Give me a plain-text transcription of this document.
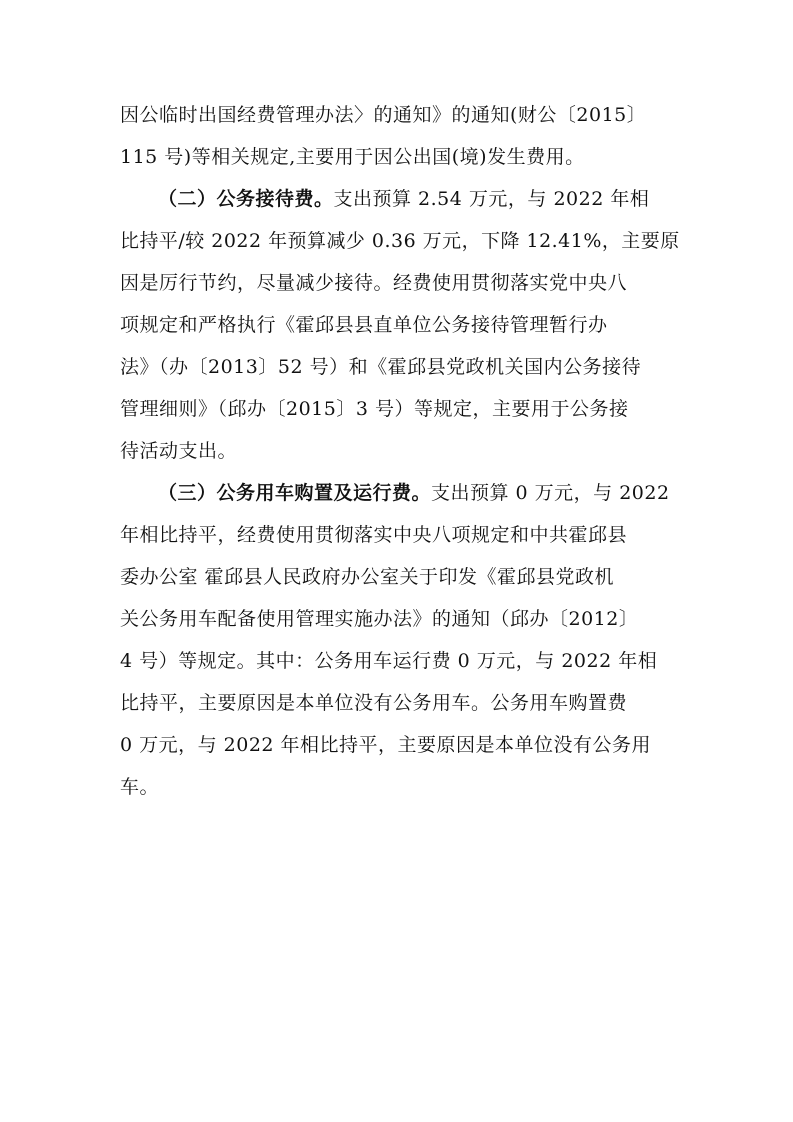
因公临时出国经费管理办法〉的通知》的通知(财公〔2015〕
115 号)等相关规定,主要用于因公出国(境)发生费用。
（二）公务接待费。支出预算 2.54 万元，与 2022 年相
比持平/较 2022 年预算减少 0.36 万元，下降 12.41%，主要原
因是厉行节约，尽量减少接待。经费使用贯彻落实党中央八
项规定和严格执行《霍邱县县直单位公务接待管理暂行办
法》（办〔2013〕52 号）和《霍邱县党政机关国内公务接待
管理细则》（邱办〔2015〕3 号）等规定，主要用于公务接
待活动支出。
（三）公务用车购置及运行费。支出预算 0 万元，与 2022
年相比持平，经费使用贯彻落实中央八项规定和中共霍邱县
委办公室 霍邱县人民政府办公室关于印发《霍邱县党政机
关公务用车配备使用管理实施办法》的通知（邱办〔2012〕
4 号）等规定。其中：公务用车运行费 0 万元，与 2022 年相
比持平，主要原因是本单位没有公务用车。公务用车购置费
0 万元，与 2022 年相比持平，主要原因是本单位没有公务用
车。
